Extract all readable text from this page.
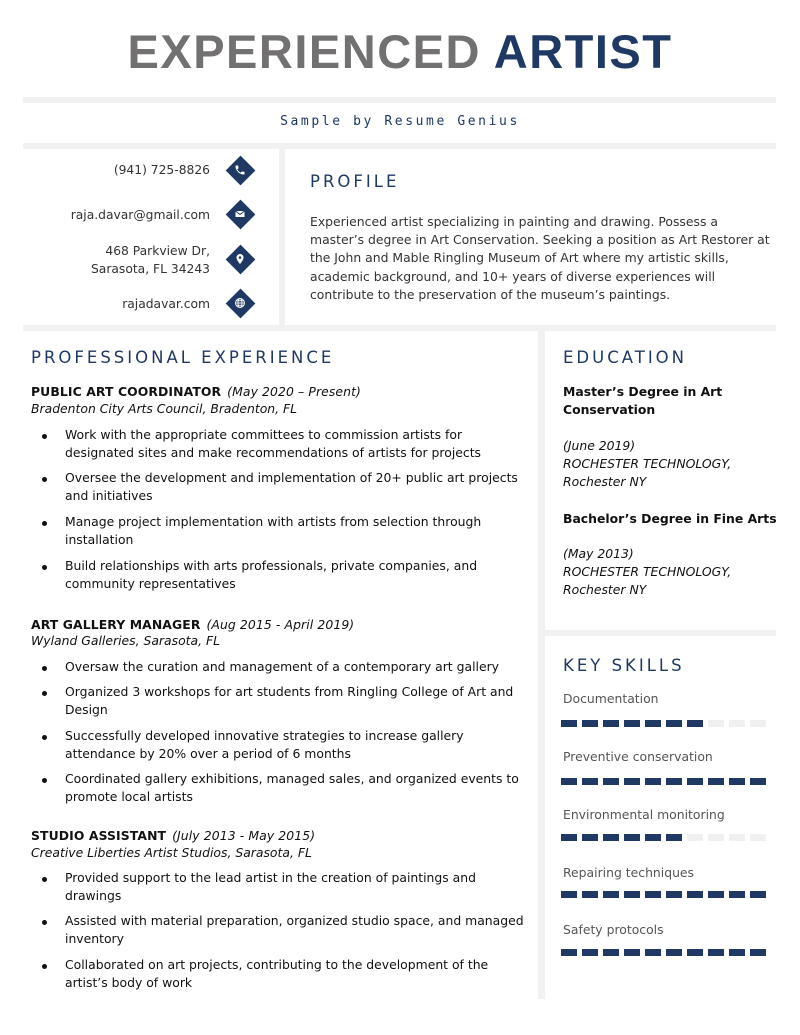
EXPERIENCED ARTIST
Sample by Resume Genius
(941) 725-8826
raja.davar@gmail.com
468 Parkview Dr,
Sarasota, FL 34243
rajadavar.com
PROFILE
Experienced artist specializing in painting and drawing. Possess a master’s degree in Art Conservation. Seeking a position as Art Restorer at the John and Mable Ringling Museum of Art where my artistic skills, academic background, and 10+ years of diverse experiences will contribute to the preservation of the museum’s paintings.
PROFESSIONAL EXPERIENCE
PUBLIC ART COORDINATOR (May 2020 – Present)
Bradenton City Arts Council, Bradenton, FL
Work with the appropriate committees to commission artists for designated sites and make recommendations of artists for projects
Oversee the development and implementation of 20+ public art projects and initiatives
Manage project implementation with artists from selection through installation
Build relationships with arts professionals, private companies, and community representatives
ART GALLERY MANAGER (Aug 2015 - April 2019)
Wyland Galleries, Sarasota, FL
Oversaw the curation and management of a contemporary art gallery
Organized 3 workshops for art students from Ringling College of Art and Design
Successfully developed innovative strategies to increase gallery attendance by 20% over a period of 6 months
Coordinated gallery exhibitions, managed sales, and organized events to promote local artists
STUDIO ASSISTANT (July 2013 - May 2015)
Creative Liberties Artist Studios, Sarasota, FL
Provided support to the lead artist in the creation of paintings and drawings
Assisted with material preparation, organized studio space, and managed inventory
Collaborated on art projects, contributing to the development of the artist’s body of work
EDUCATION
Master’s Degree in Art Conservation
(June 2019)
ROCHESTER TECHNOLOGY,
Rochester NY
Bachelor’s Degree in Fine Arts
(May 2013)
ROCHESTER TECHNOLOGY,
Rochester NY
KEY SKILLS
Documentation
Preventive conservation
Environmental monitoring
Repairing techniques
Safety protocols
